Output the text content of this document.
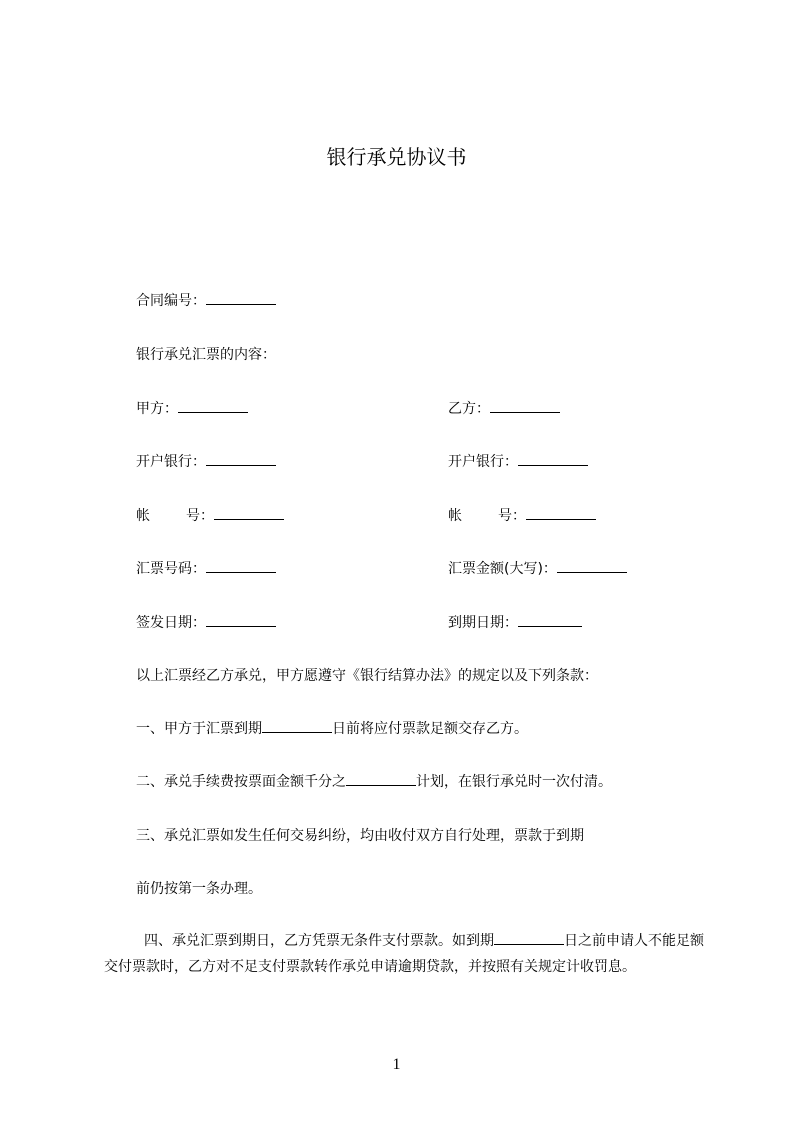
银行承兑协议书
合同编号：
银行承兑汇票的内容：
甲方：	乙方：
开户银行：	开户银行：
帐	号：	帐	号：
汇票号码：	汇票金额(大写)：
签发日期：	到期日期：
以上汇票经乙方承兑，甲方愿遵守《银行结算办法》的规定以及下列条款：
一、甲方于汇票到期	日前将应付票款足额交存乙方。
二、承兑手续费按票面金额千分之	计划，在银行承兑时一次付清。
三、承兑汇票如发生任何交易纠纷，均由收付双方自行处理，票款于到期
前仍按第一条办理。
四、承兑汇票到期日，乙方凭票无条件支付票款。如到期	日之前申请人不能足额交付票款时，乙方对不足支付票款转作承兑申请逾期贷款，并按照有关规定计收罚息。
1
